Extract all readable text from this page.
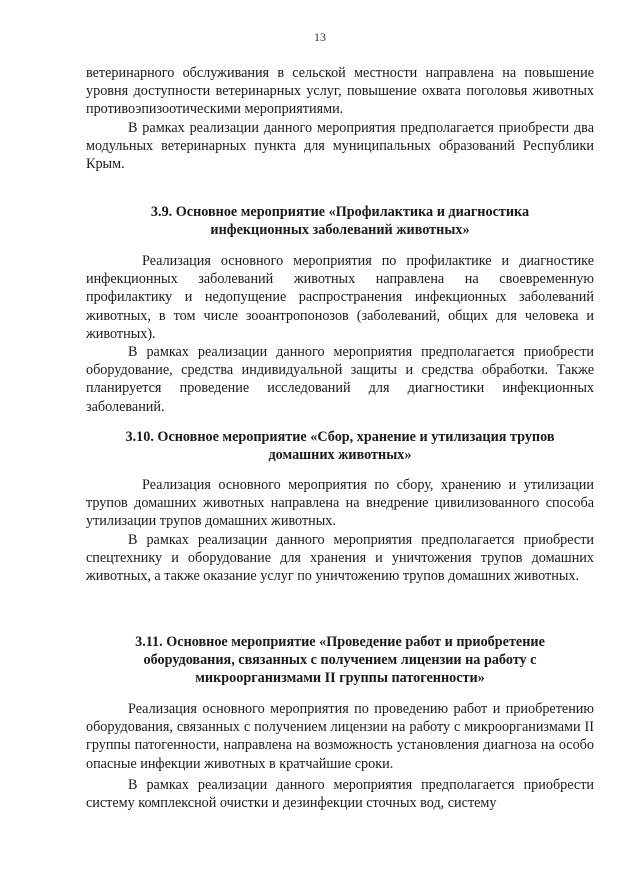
13

ветеринарного обслуживания в сельской местности направлена на повышение уровня доступности ветеринарных услуг, повышение охвата поголовья животных противоэпизоотическими мероприятиями.

В рамках реализации данного мероприятия предполагается приобрести два модульных ветеринарных пункта для муниципальных образований Республики Крым.

3.9. Основное мероприятие «Профилактика и диагностика инфекционных заболеваний животных»

Реализация основного мероприятия по профилактике и диагностике инфекционных заболеваний животных направлена на своевременную профилактику и недопущение распространения инфекционных заболеваний животных, в том числе зооантропонозов (заболеваний, общих для человека и животных).

В рамках реализации данного мероприятия предполагается приобрести оборудование, средства индивидуальной защиты и средства обработки. Также планируется проведение исследований для диагностики инфекционных заболеваний.

3.10. Основное мероприятие «Сбор, хранение и утилизация трупов домашних животных»

Реализация основного мероприятия по сбору, хранению и утилизации трупов домашних животных направлена на внедрение цивилизованного способа утилизации трупов домашних животных.

В рамках реализации данного мероприятия предполагается приобрести спецтехнику и оборудование для хранения и уничтожения трупов домашних животных, а также оказание услуг по уничтожению трупов домашних животных.

3.11. Основное мероприятие «Проведение работ и приобретение оборудования, связанных с получением лицензии на работу с микроорганизмами II группы патогенности»

Реализация основного мероприятия по проведению работ и приобретению оборудования, связанных с получением лицензии на работу с микроорганизмами II группы патогенности, направлена на возможность установления диагноза на особо опасные инфекции животных в кратчайшие сроки.

В рамках реализации данного мероприятия предполагается приобрести систему комплексной очистки и дезинфекции сточных вод, систему
